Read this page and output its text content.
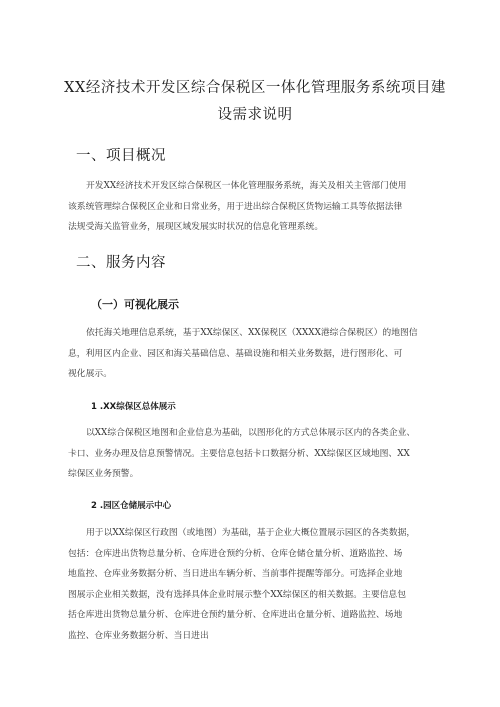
XX经济技术开发区综合保税区一体化管理服务系统项目建
设需求说明
一、项目概况
开发XX经济技术开发区综合保税区一体化管理服务系统，海关及相关主管部门使用
该系统管理综合保税区企业和日常业务，用于进出综合保税区货物运输工具等依据法律
法规受海关监管业务，展现区域发展实时状况的信息化管理系统。
二、服务内容
（一）可视化展示
依托海关地理信息系统，基于XX综保区、XX保税区（XXXX港综合保税区）的地图信
息，利用区内企业、园区和海关基础信息、基础设施和相关业务数据，进行图形化、可
视化展示。
1 .XX综保区总体展示
以XX综合保税区地图和企业信息为基础，以图形化的方式总体展示区内的各类企业、
卡口、业务办理及信息预警情况。主要信息包括卡口数据分析、XX综保区区域地图、XX
综保区业务预警。
2 .园区仓储展示中心
用于以XX综保区行政图（或地图）为基础，基于企业大概位置展示园区的各类数据，
包括：仓库进出货物总量分析、仓库进仓预约分析、仓库仓储仓量分析、道路监控、场
地监控、仓库业务数据分析、当日进出车辆分析、当前事件提醒等部分。可选择企业地
图展示企业相关数据，没有选择具体企业时展示整个XX综保区的相关数据。主要信息包
括仓库进出货物总量分析、仓库进仓预约量分析、仓库进出仓量分析、道路监控、场地
监控、仓库业务数据分析、当日进出
